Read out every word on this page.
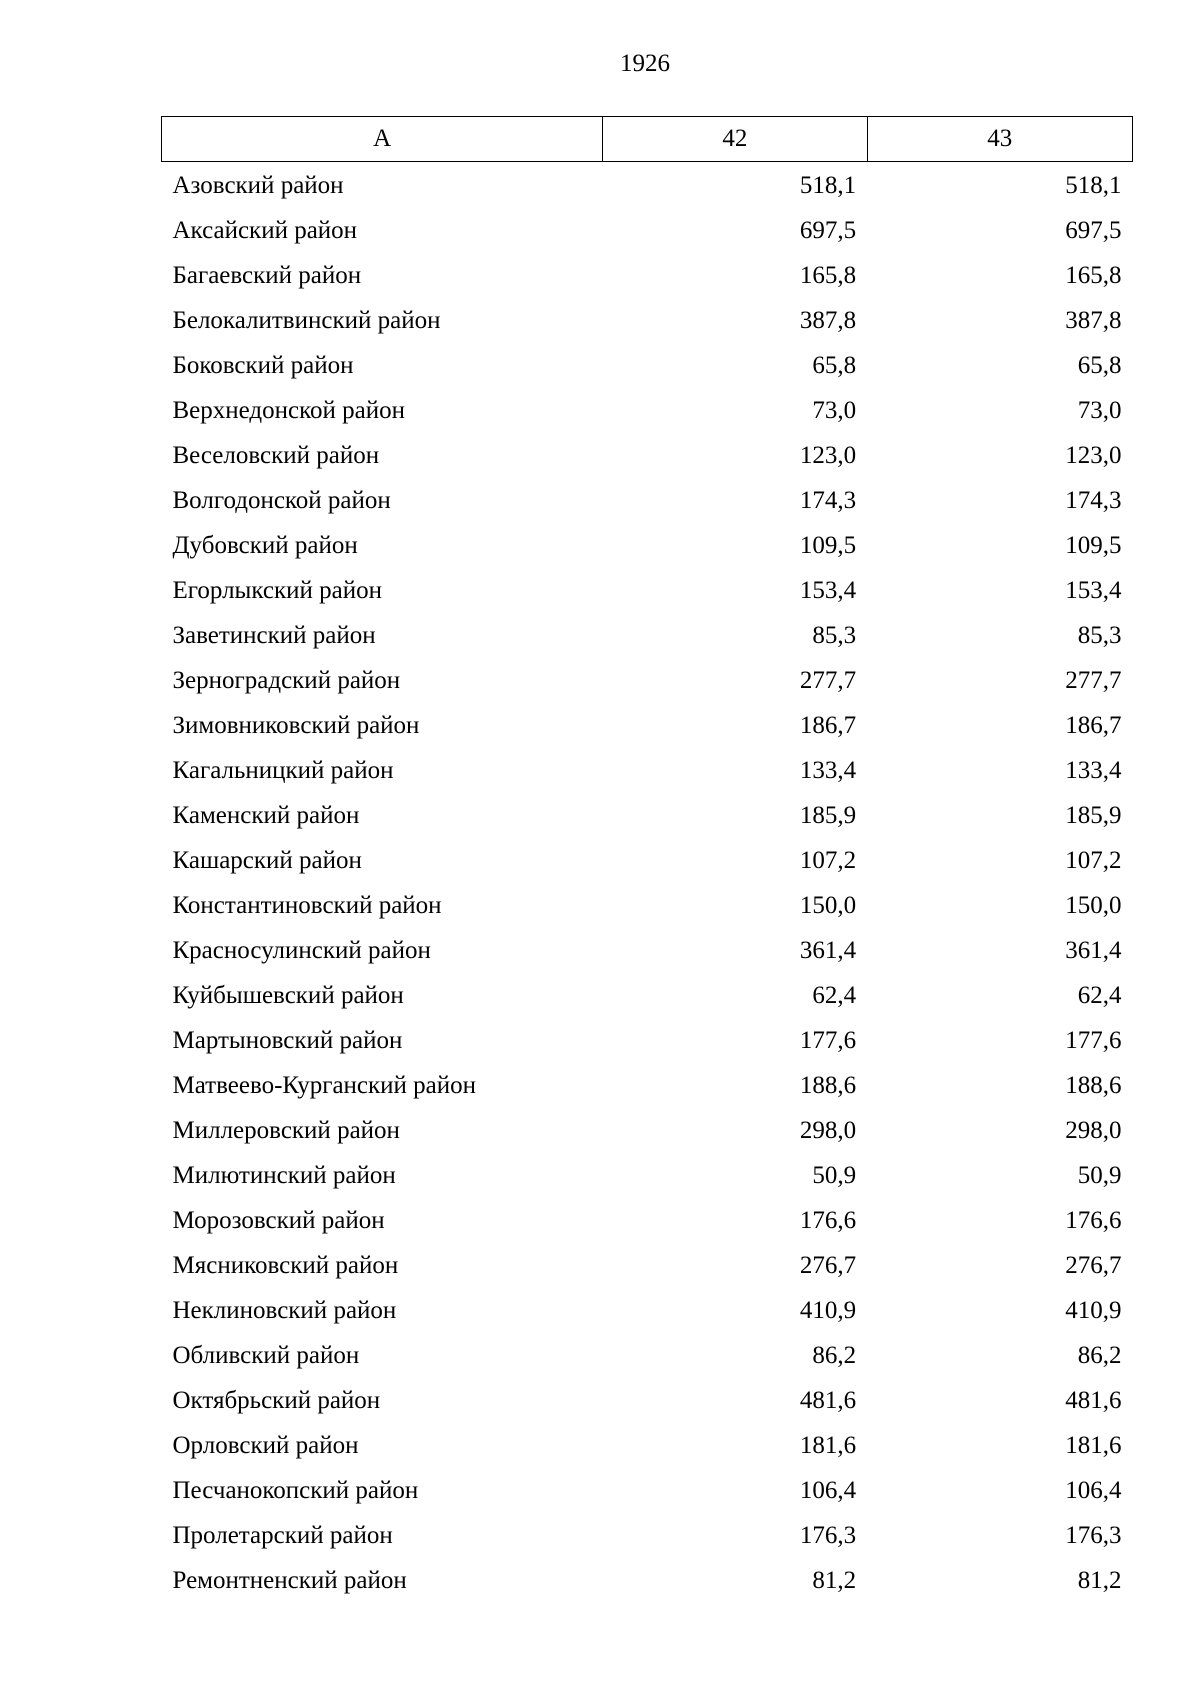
1926
А	42	43
Азовский район	518,1	518,1
Аксайский район	697,5	697,5
Багаевский район	165,8	165,8
Белокалитвинский район	387,8	387,8
Боковский район	65,8	65,8
Верхнедонской район	73,0	73,0
Веселовский район	123,0	123,0
Волгодонской район	174,3	174,3
Дубовский район	109,5	109,5
Егорлыкский район	153,4	153,4
Заветинский район	85,3	85,3
Зерноградский район	277,7	277,7
Зимовниковский район	186,7	186,7
Кагальницкий район	133,4	133,4
Каменский район	185,9	185,9
Кашарский район	107,2	107,2
Константиновский район	150,0	150,0
Красносулинский район	361,4	361,4
Куйбышевский район	62,4	62,4
Мартыновский район	177,6	177,6
Матвеево-Курганский район	188,6	188,6
Миллеровский район	298,0	298,0
Милютинский район	50,9	50,9
Морозовский район	176,6	176,6
Мясниковский район	276,7	276,7
Неклиновский район	410,9	410,9
Обливский район	86,2	86,2
Октябрьский район	481,6	481,6
Орловский район	181,6	181,6
Песчанокопский район	106,4	106,4
Пролетарский район	176,3	176,3
Ремонтненский район	81,2	81,2
